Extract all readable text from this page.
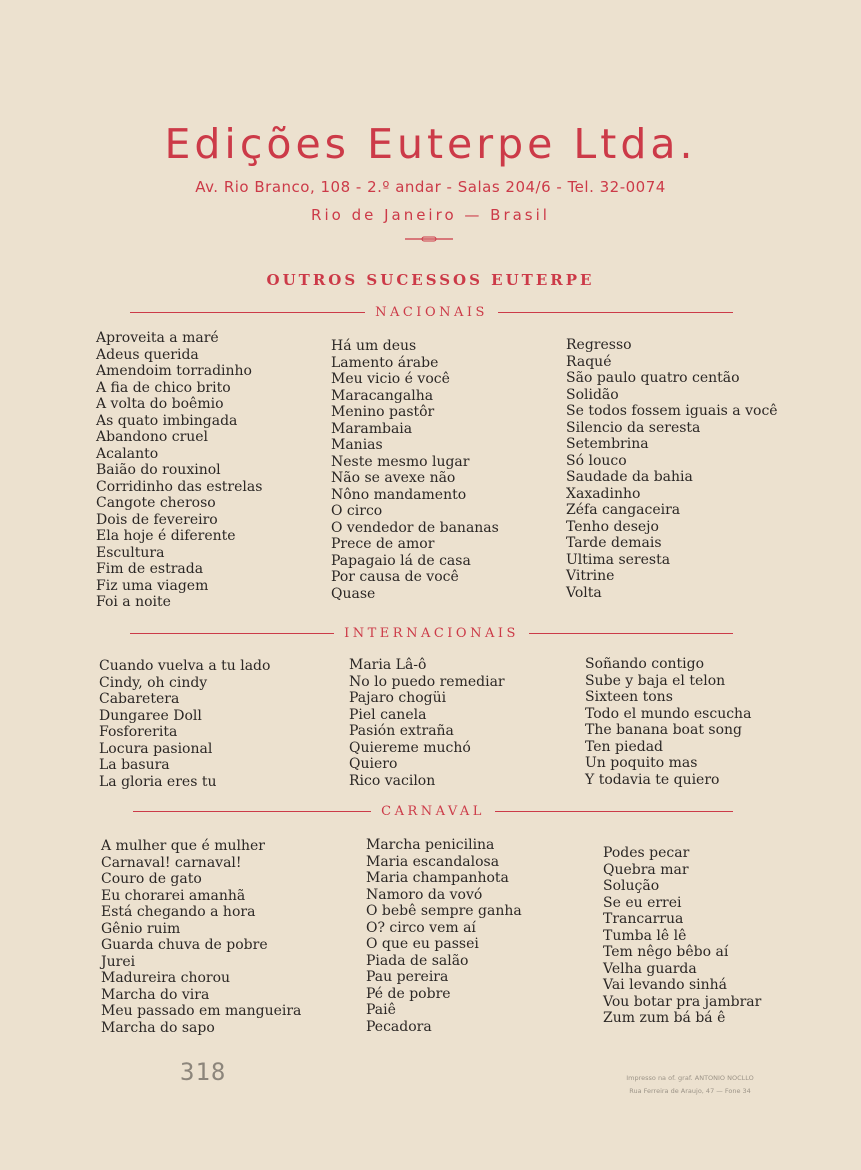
Edições Euterpe Ltda.
Av. Rio Branco, 108 - 2.º andar - Salas 204/6 - Tel. 32-0074
Rio de Janeiro — Brasil
OUTROS SUCESSOS EUTERPE
NACIONAIS
Aproveita a maré
Adeus querida
Amendoim torradinho
A fia de chico brito
A volta do boêmio
As quato imbingada
Abandono cruel
Acalanto
Baião do rouxinol
Corridinho das estrelas
Cangote cheroso
Dois de fevereiro
Ela hoje é diferente
Escultura
Fim de estrada
Fiz uma viagem
Foi a noite
Há um deus
Lamento árabe
Meu vicio é você
Maracangalha
Menino pastôr
Marambaia
Manias
Neste mesmo lugar
Não se avexe não
Nôno mandamento
O circo
O vendedor de bananas
Prece de amor
Papagaio lá de casa
Por causa de você
Quase
Regresso
Raqué
São paulo quatro centão
Solidão
Se todos fossem iguais a você
Silencio da seresta
Setembrina
Só louco
Saudade da bahia
Xaxadinho
Zéfa cangaceira
Tenho desejo
Tarde demais
Ultima seresta
Vitrine
Volta
INTERNACIONAIS
Cuando vuelva a tu lado
Cindy, oh cindy
Cabaretera
Dungaree Doll
Fosforerita
Locura pasional
La basura
La gloria eres tu
Maria Lâ-ô
No lo puedo remediar
Pajaro chogüi
Piel canela
Pasión extraña
Quiereme muchó
Quiero
Rico vacilon
Soñando contigo
Sube y baja el telon
Sixteen tons
Todo el mundo escucha
The banana boat song
Ten piedad
Un poquito mas
Y todavia te quiero
CARNAVAL
A mulher que é mulher
Carnaval! carnaval!
Couro de gato
Eu chorarei amanhã
Está chegando a hora
Gênio ruim
Guarda chuva de pobre
Jurei
Madureira chorou
Marcha do vira
Meu passado em mangueira
Marcha do sapo
Marcha penicilina
Maria escandalosa
Maria champanhota
Namoro da vovó
O bebê sempre ganha
O? circo vem aí
O que eu passei
Piada de salão
Pau pereira
Pé de pobre
Paiê
Pecadora
Podes pecar
Quebra mar
Solução
Se eu errei
Trancarrua
Tumba lê lê
Tem nêgo bêbo aí
Velha guarda
Vai levando sinhá
Vou botar pra jambrar
Zum zum bá bá ê
318	Impresso na of. graf. ANTONIO NOCLLO
Rua Ferreira de Araujo, 47 — Fone 34
